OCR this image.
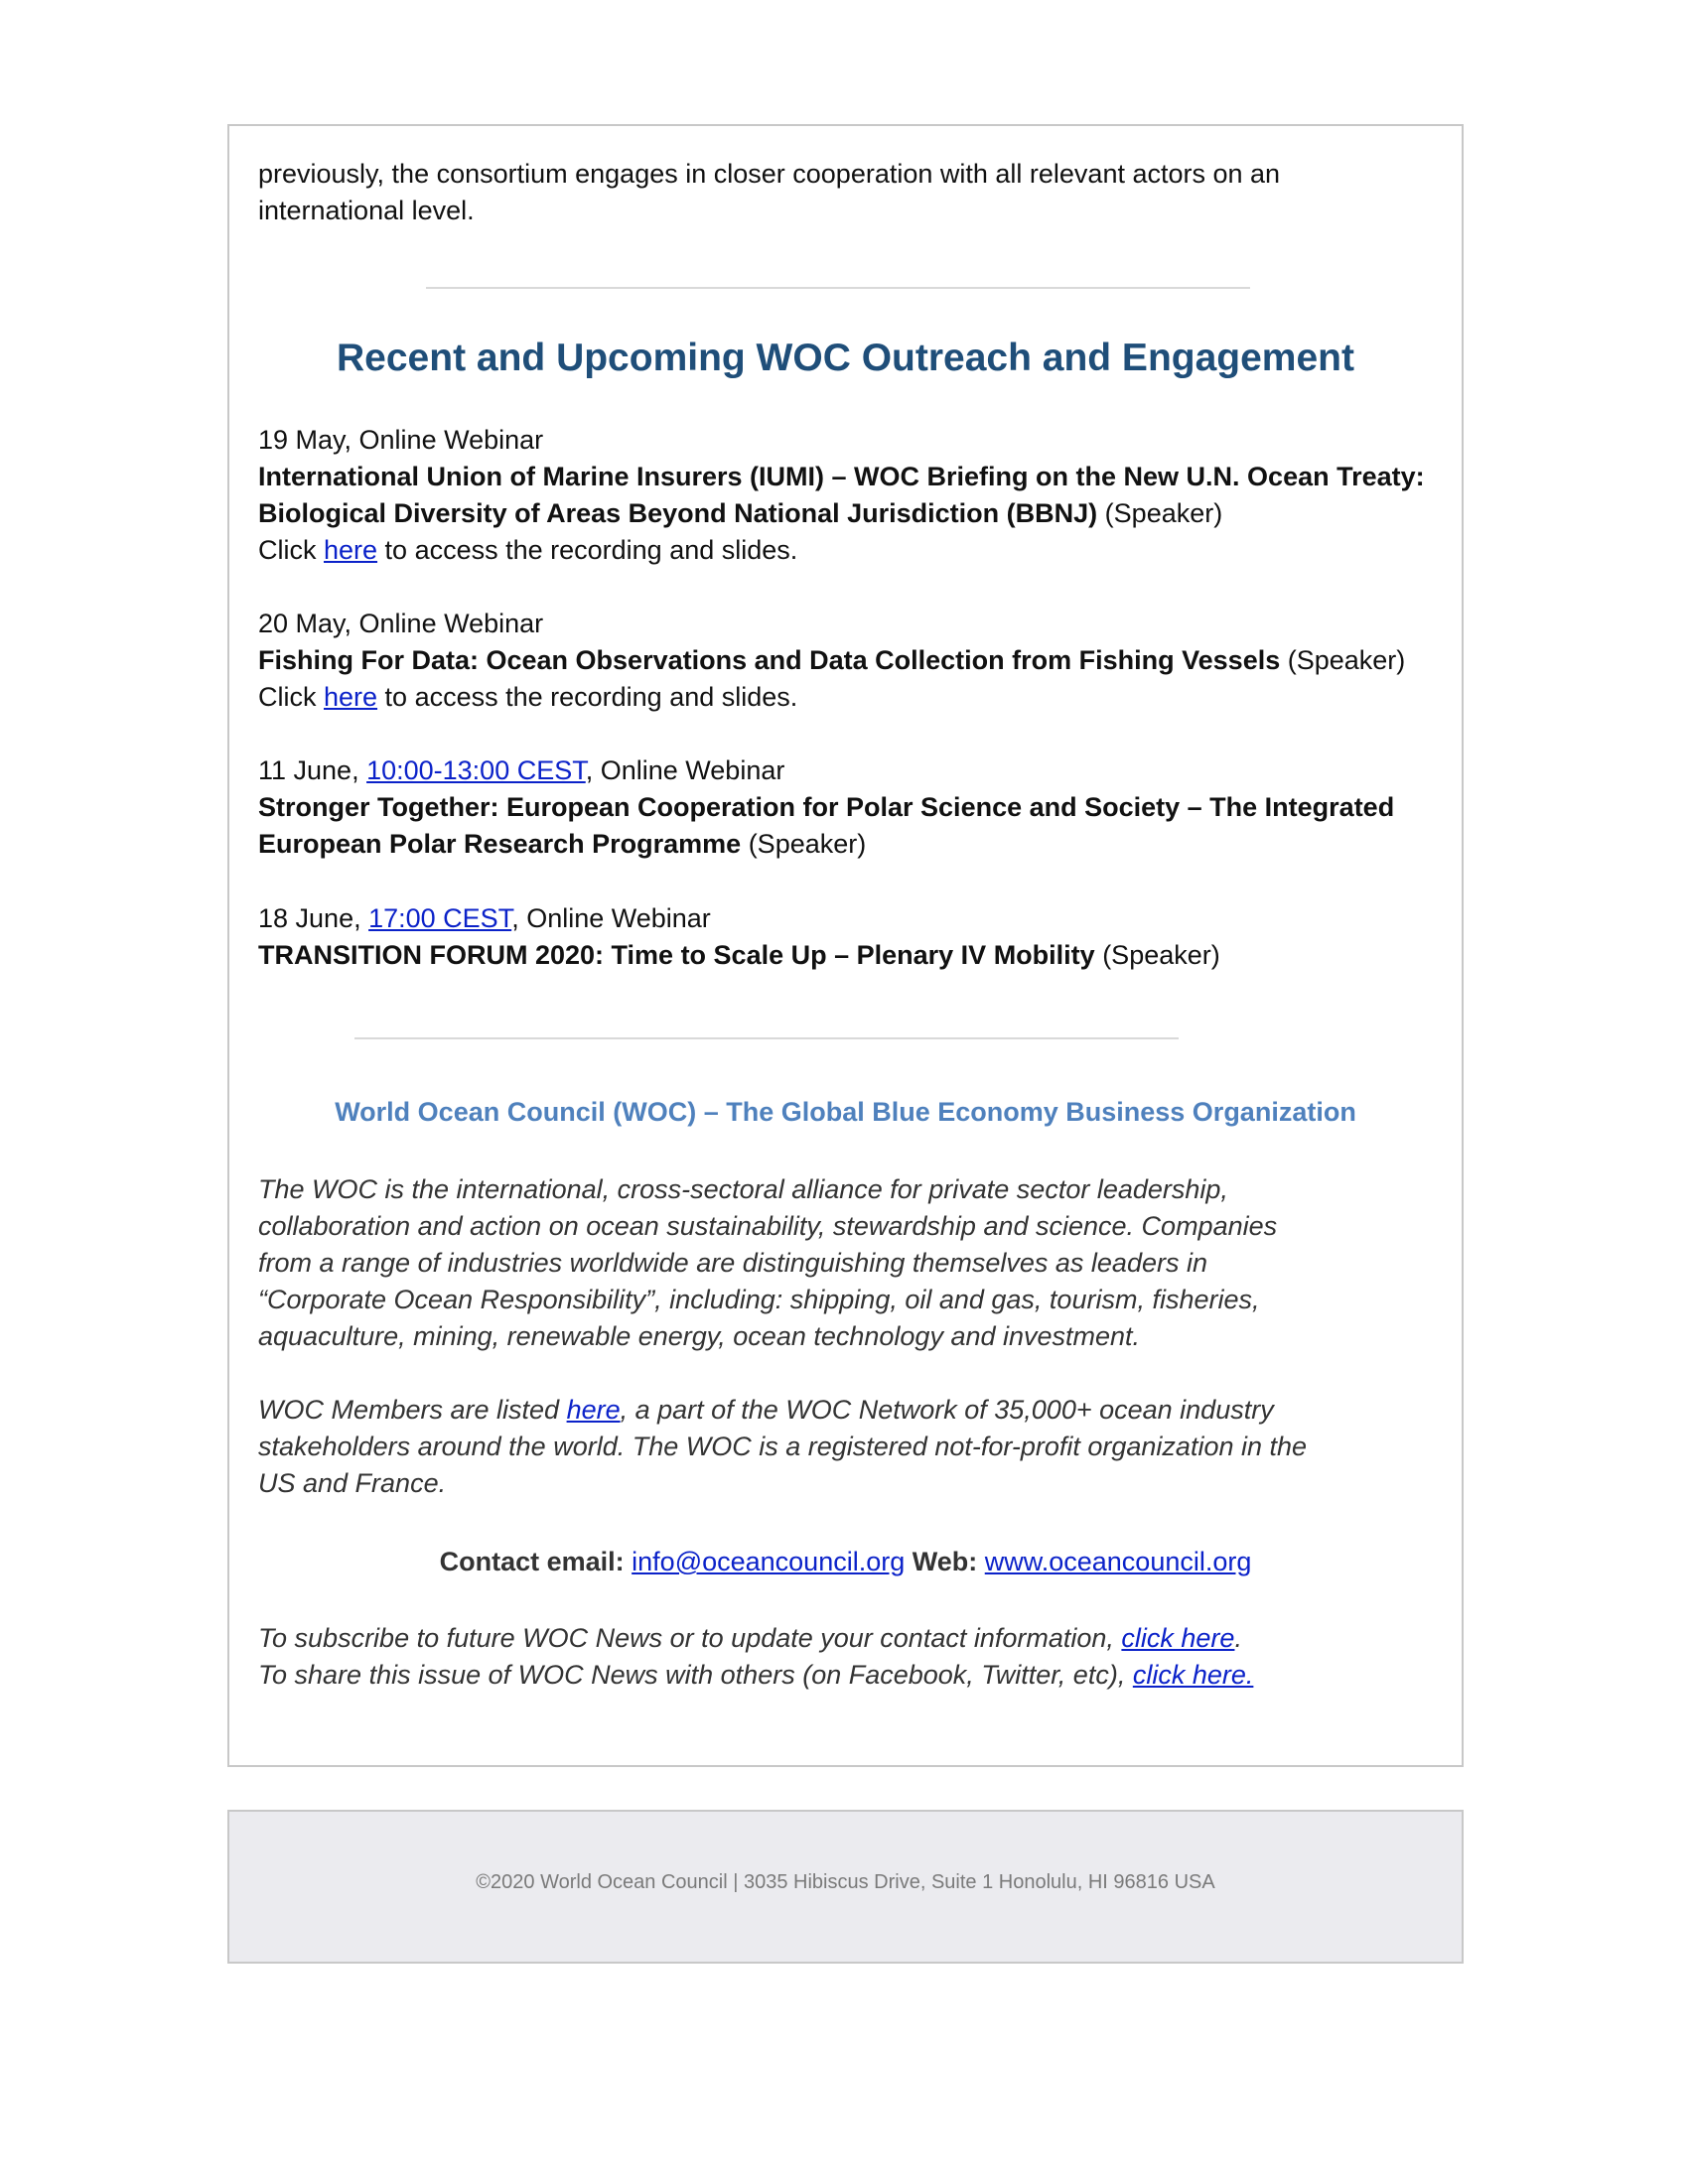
previously, the consortium engages in closer cooperation with all relevant actors on an
international level.
Recent and Upcoming WOC Outreach and Engagement
19 May, Online Webinar
International Union of Marine Insurers (IUMI) – WOC Briefing on the New U.N. Ocean Treaty:
Biological Diversity of Areas Beyond National Jurisdiction (BBNJ) (Speaker)
Click here to access the recording and slides.
20 May, Online Webinar
Fishing For Data: Ocean Observations and Data Collection from Fishing Vessels (Speaker)
Click here to access the recording and slides.
11 June, 10:00-13:00 CEST, Online Webinar
Stronger Together: European Cooperation for Polar Science and Society – The Integrated
European Polar Research Programme (Speaker)
18 June, 17:00 CEST, Online Webinar
TRANSITION FORUM 2020: Time to Scale Up – Plenary IV Mobility (Speaker)
World Ocean Council (WOC) – The Global Blue Economy Business Organization
The WOC is the international, cross-sectoral alliance for private sector leadership,
collaboration and action on ocean sustainability, stewardship and science. Companies
from a range of industries worldwide are distinguishing themselves as leaders in
“Corporate Ocean Responsibility”, including: shipping, oil and gas, tourism, fisheries,
aquaculture, mining, renewable energy, ocean technology and investment.
WOC Members are listed here, a part of the WOC Network of 35,000+ ocean industry
stakeholders around the world. The WOC is a registered not-for-profit organization in the
US and France.
Contact email: info@oceancouncil.org Web: www.oceancouncil.org
To subscribe to future WOC News or to update your contact information, click here.
To share this issue of WOC News with others (on Facebook, Twitter, etc), click here.
©2020 World Ocean Council | 3035 Hibiscus Drive, Suite 1 Honolulu, HI 96816 USA
